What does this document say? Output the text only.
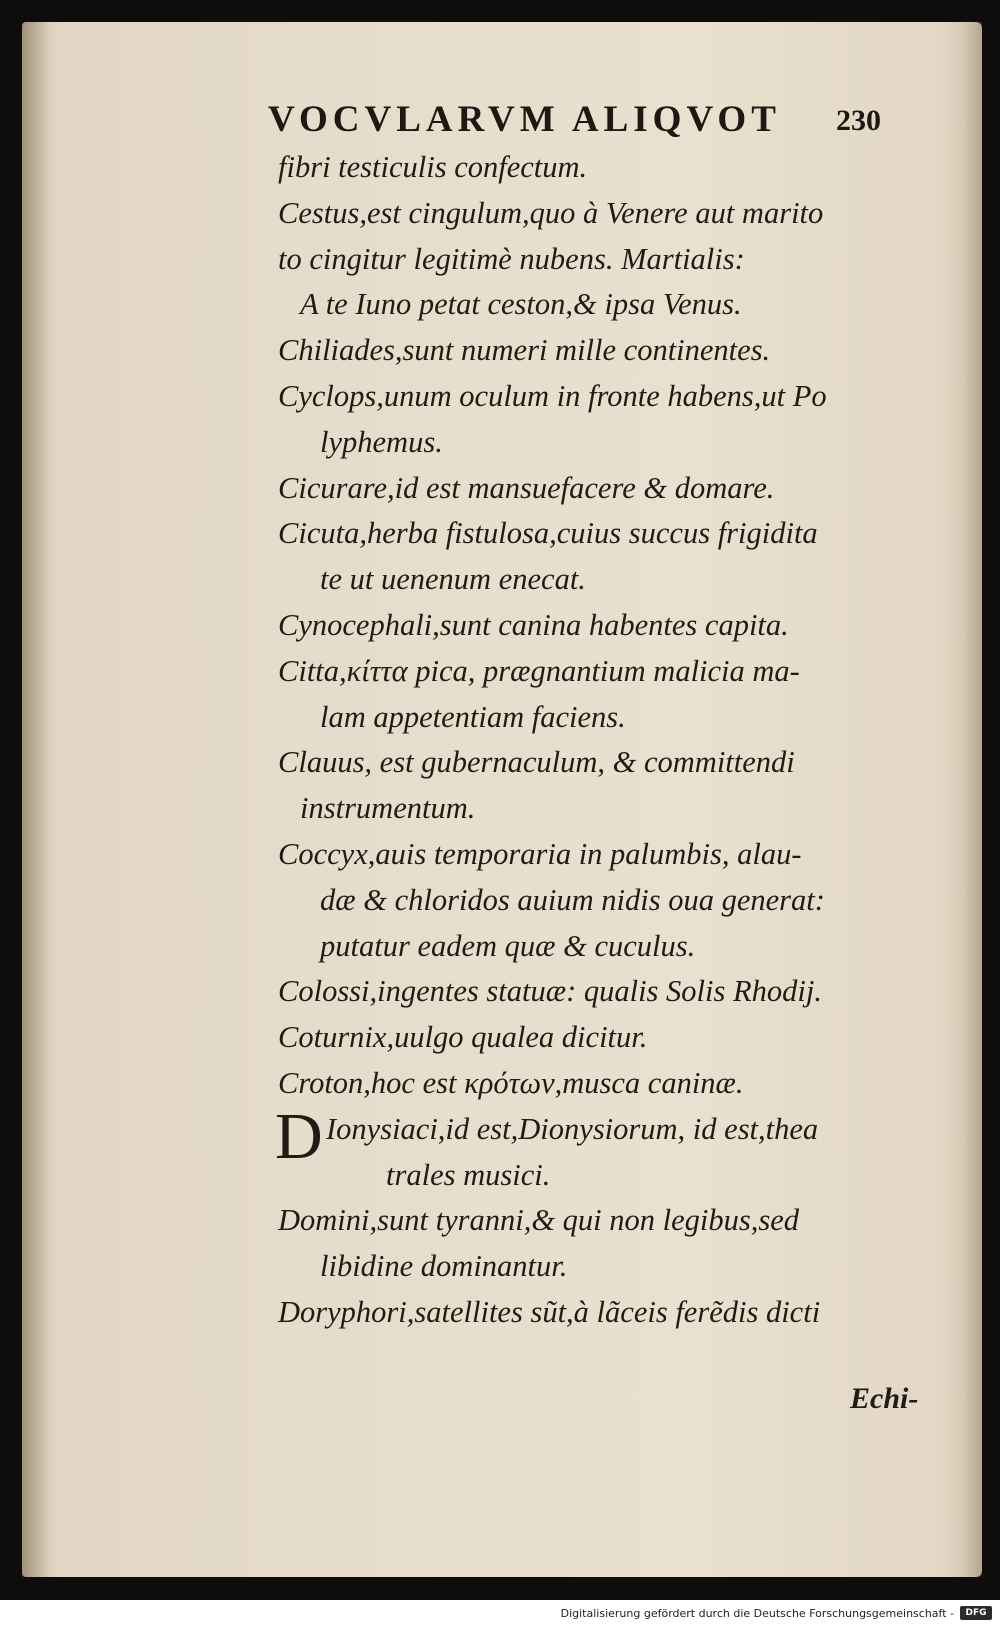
VOCVLARVM ALIQVOT 230
D
fibri testiculis confectum.
Cestus,est cingulum,quo à Venere aut marito
to cingitur legitimè nubens. Martialis:
A te Iuno petat ceston,& ipsa Venus.
Chiliades,sunt numeri mille continentes.
Cyclops,unum oculum in fronte habens,ut Po
lyphemus.
Cicurare,id est mansuefacere & domare.
Cicuta,herba fistulosa,cuius succus frigidita
te ut uenenum enecat.
Cynocephali,sunt canina habentes capita.
Citta,κίττα pica, prægnantium malicia ma-
lam appetentiam faciens.
Clauus, est gubernaculum, & committendi
instrumentum.
Coccyx,auis temporaria in palumbis, alau-
dæ & chloridos auium nidis oua generat:
putatur eadem quæ & cuculus.
Colossi,ingentes statuæ: qualis Solis Rhodij.
Coturnix,uulgo qualea dicitur.
Croton,hoc est κρότων,musca caninæ.
Ionysiaci,id est,Dionysiorum, id est,thea
trales musici.
Domini,sunt tyranni,& qui non legibus,sed
libidine dominantur.
Doryphori,satellites sũt,à lãceis ferẽdis dicti
Echi-
Digitalisierung gefördert durch die Deutsche Forschungsgemeinschaft -	DFG
